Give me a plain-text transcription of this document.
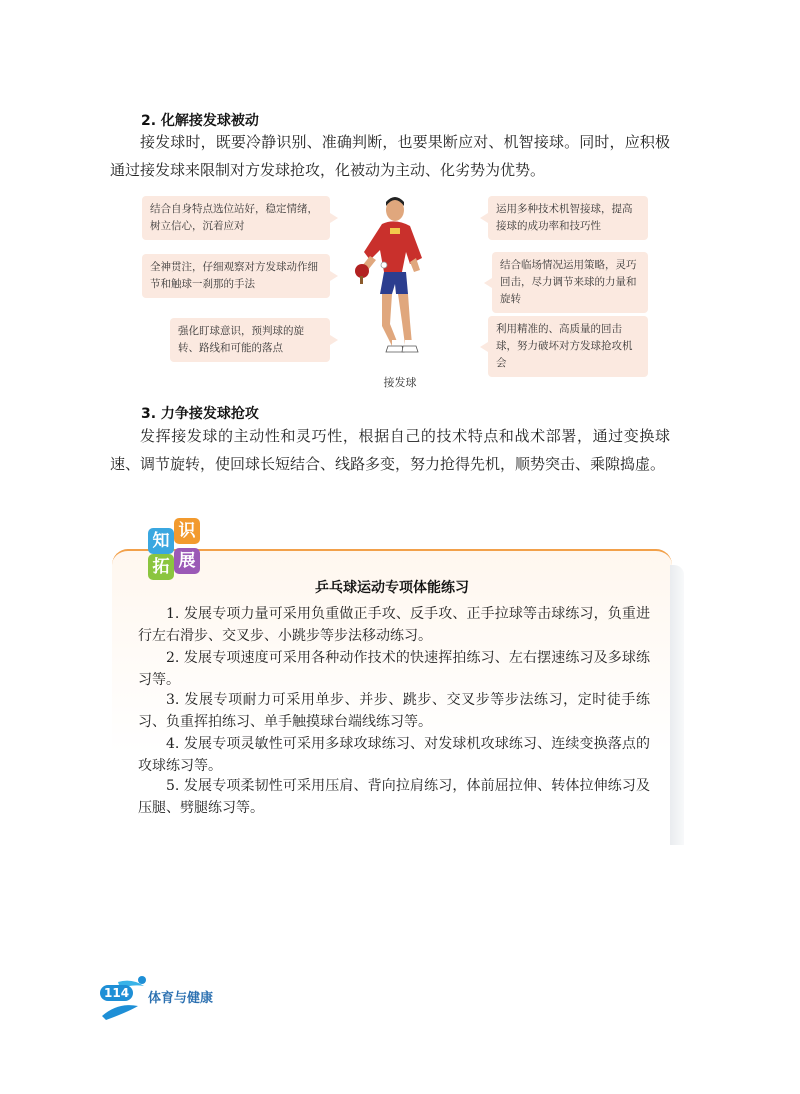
2. 化解接发球被动

接发球时，既要冷静识别、准确判断，也要果断应对、机智接球。同时，应积极通过接发球来限制对方发球抢攻，化被动为主动、化劣势为优势。

结合自身特点选位站好，稳定情绪，树立信心，沉着应对
全神贯注，仔细观察对方发球动作细节和触球一刹那的手法
强化盯球意识，预判球的旋转、路线和可能的落点
运用多种技术机智接球，提高接球的成功率和技巧性
结合临场情况运用策略，灵巧回击，尽力调节来球的力量和旋转
利用精准的、高质量的回击球，努力破坏对方发球抢攻机会
接发球
3. 力争接发球抢攻

发挥接发球的主动性和灵巧性，根据自己的技术特点和战术部署，通过变换球速、调节旋转，使回球长短结合、线路多变，努力抢得先机，顺势突击、乘隙捣虚。

知 识
拓 展
乒乓球运动专项体能练习

1. 发展专项力量可采用负重做正手攻、反手攻、正手拉球等击球练习，负重进行左右滑步、交叉步、小跳步等步法移动练习。

2. 发展专项速度可采用各种动作技术的快速挥拍练习、左右摆速练习及多球练习等。

3. 发展专项耐力可采用单步、并步、跳步、交叉步等步法练习，定时徒手练习、负重挥拍练习、单手触摸球台端线练习等。

4. 发展专项灵敏性可采用多球攻球练习、对发球机攻球练习、连续变换落点的攻球练习等。

5. 发展专项柔韧性可采用压肩、背向拉肩练习，体前屈拉伸、转体拉伸练习及压腿、劈腿练习等。

114	体育与健康
